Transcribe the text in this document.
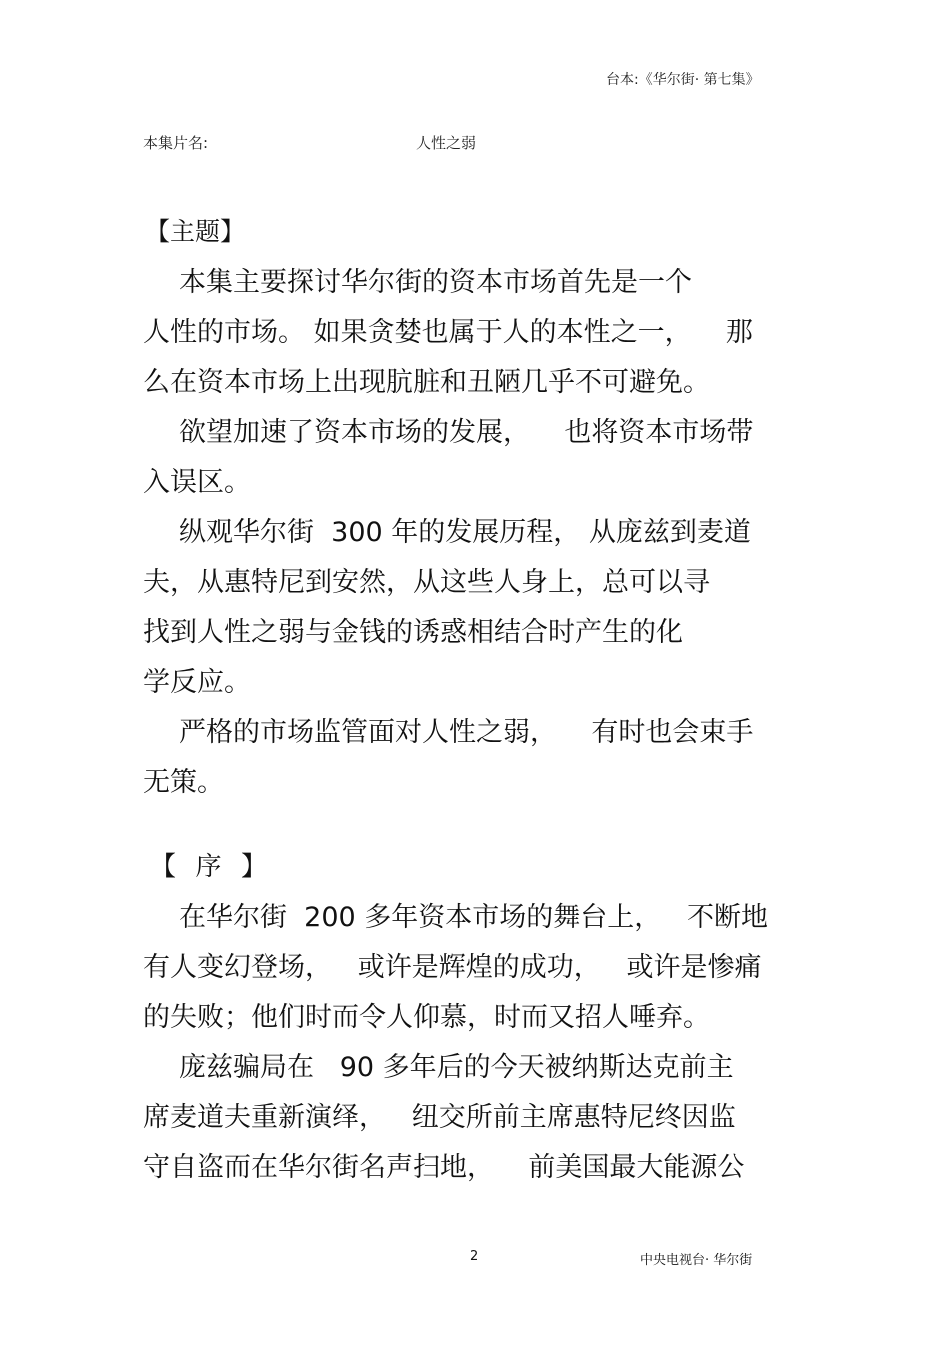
台本:《华尔街· 第七集》
本集片名:	人性之弱
【主题】
本集主要探讨华尔街的资本市场首先是一个
人性的市场。 如果贪婪也属于人的本性之一，    那
么在资本市场上出现肮脏和丑陋几乎不可避免。
欲望加速了资本市场的发展，    也将资本市场带
入误区。
纵观华尔街  300 年的发展历程， 从庞兹到麦道
夫，从惠特尼到安然，从这些人身上，总可以寻
找到人性之弱与金钱的诱惑相结合时产生的化
学反应。
严格的市场监管面对人性之弱，    有时也会束手
无策。
【  序  】
在华尔街  200 多年资本市场的舞台上，   不断地
有人变幻登场，   或许是辉煌的成功，   或许是惨痛
的失败；他们时而令人仰慕，时而又招人唾弃。
庞兹骗局在   90 多年后的今天被纳斯达克前主
席麦道夫重新演绎，   纽交所前主席惠特尼终因监
守自盗而在华尔街名声扫地，    前美国最大能源公
2	中央电视台· 华尔街
